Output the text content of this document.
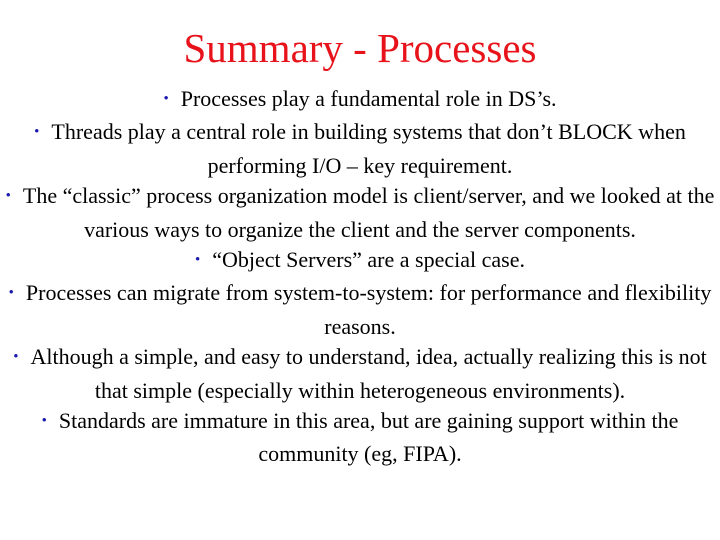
Summary - Processes
• Processes play a fundamental role in DS’s.
• Threads play a central role in building systems that don’t BLOCK when performing I/O – key requirement.
• The “classic” process organization model is client/server, and we looked at the various ways to organize the client and the server components.
• “Object Servers” are a special case.
• Processes can migrate from system-to-system: for performance and flexibility reasons.
• Although a simple, and easy to understand, idea, actually realizing this is not that simple (especially within heterogeneous environments).
• Standards are immature in this area, but are gaining support within the community (eg, FIPA).
